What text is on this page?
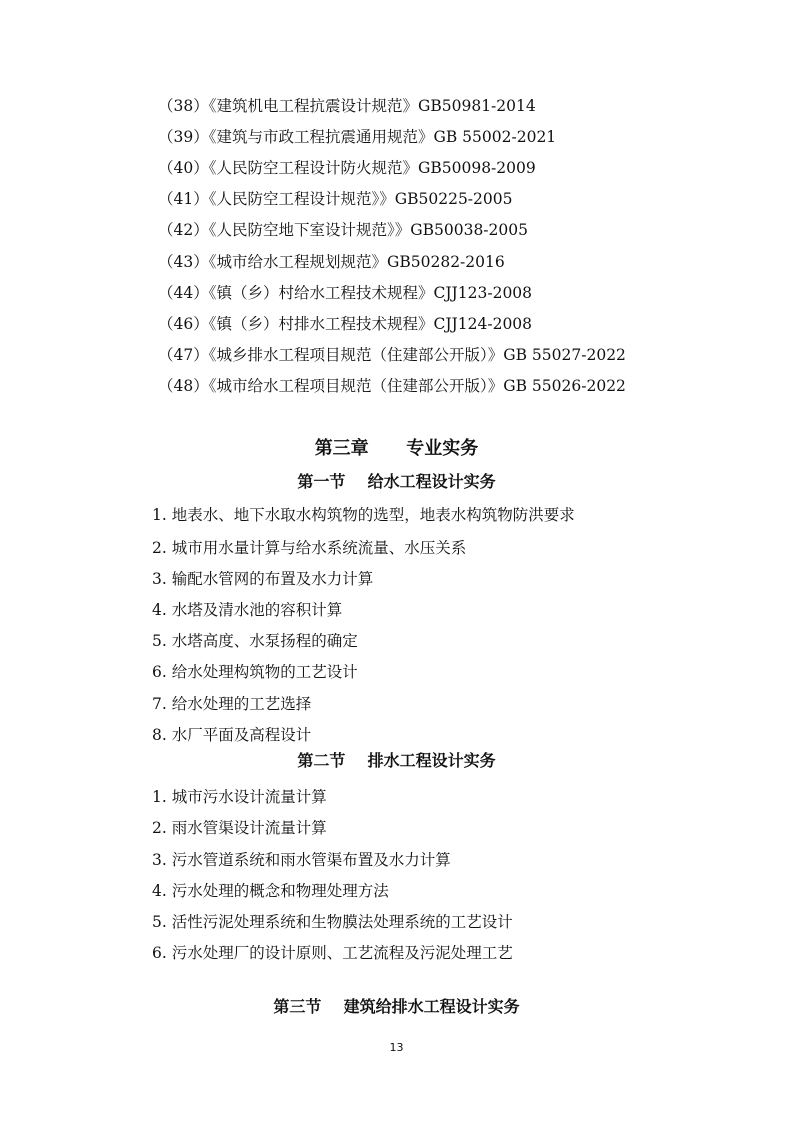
（38）《建筑机电工程抗震设计规范》GB50981-2014
（39）《建筑与市政工程抗震通用规范》GB 55002-2021
（40）《人民防空工程设计防火规范》GB50098-2009
（41）《人民防空工程设计规范》》GB50225-2005
（42）《人民防空地下室设计规范》》GB50038-2005
（43）《城市给水工程规划规范》GB50282-2016
（44）《镇（乡）村给水工程技术规程》CJJ123-2008
（46）《镇（乡）村排水工程技术规程》CJJ124-2008
（47）《城乡排水工程项目规范（住建部公开版）》GB 55027-2022
（48）《城市给水工程项目规范（住建部公开版）》GB 55026-2022
第三章      专业实务
第一节    给水工程设计实务
1. 地表水、地下水取水构筑物的选型，地表水构筑物防洪要求
2. 城市用水量计算与给水系统流量、水压关系
3. 输配水管网的布置及水力计算
4. 水塔及清水池的容积计算
5. 水塔高度、水泵扬程的确定
6. 给水处理构筑物的工艺设计
7. 给水处理的工艺选择
8. 水厂平面及高程设计
第二节    排水工程设计实务
1. 城市污水设计流量计算
2. 雨水管渠设计流量计算
3. 污水管道系统和雨水管渠布置及水力计算
4. 污水处理的概念和物理处理方法
5. 活性污泥处理系统和生物膜法处理系统的工艺设计
6. 污水处理厂的设计原则、工艺流程及污泥处理工艺
第三节    建筑给排水工程设计实务
13
